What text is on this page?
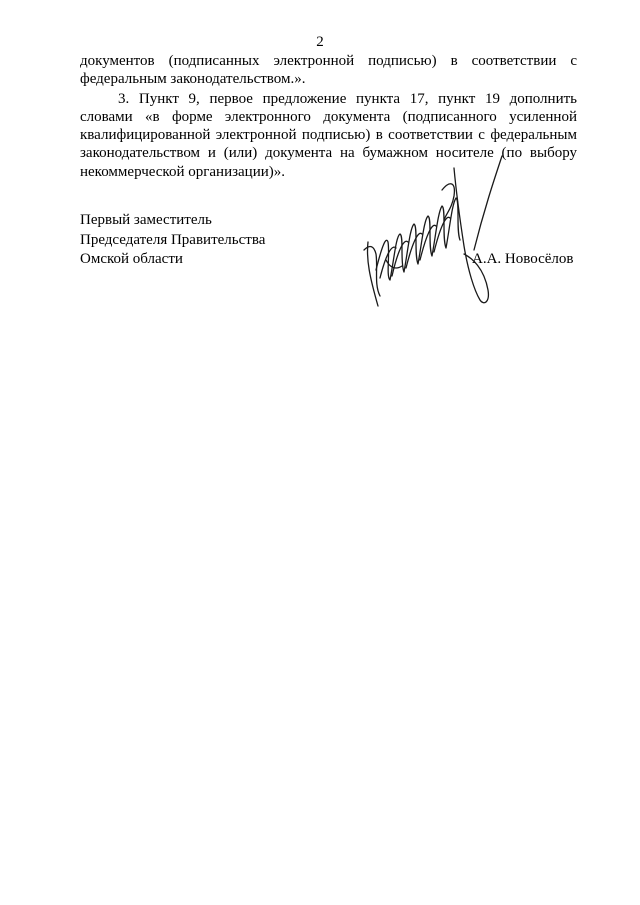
2
документов (подписанных электронной подписью) в соответствии с
федеральным законодательством.».
3. Пункт 9, первое предложение пункта 17, пункт 19 дополнить
словами «в форме электронного документа (подписанного усиленной
квалифицированной электронной подписью) в соответствии с федеральным
законодательством и (или) документа на бумажном носителе (по выбору
некоммерческой организации)».
Первый заместитель
Председателя Правительства
Омской области	А.А. Новосёлов
